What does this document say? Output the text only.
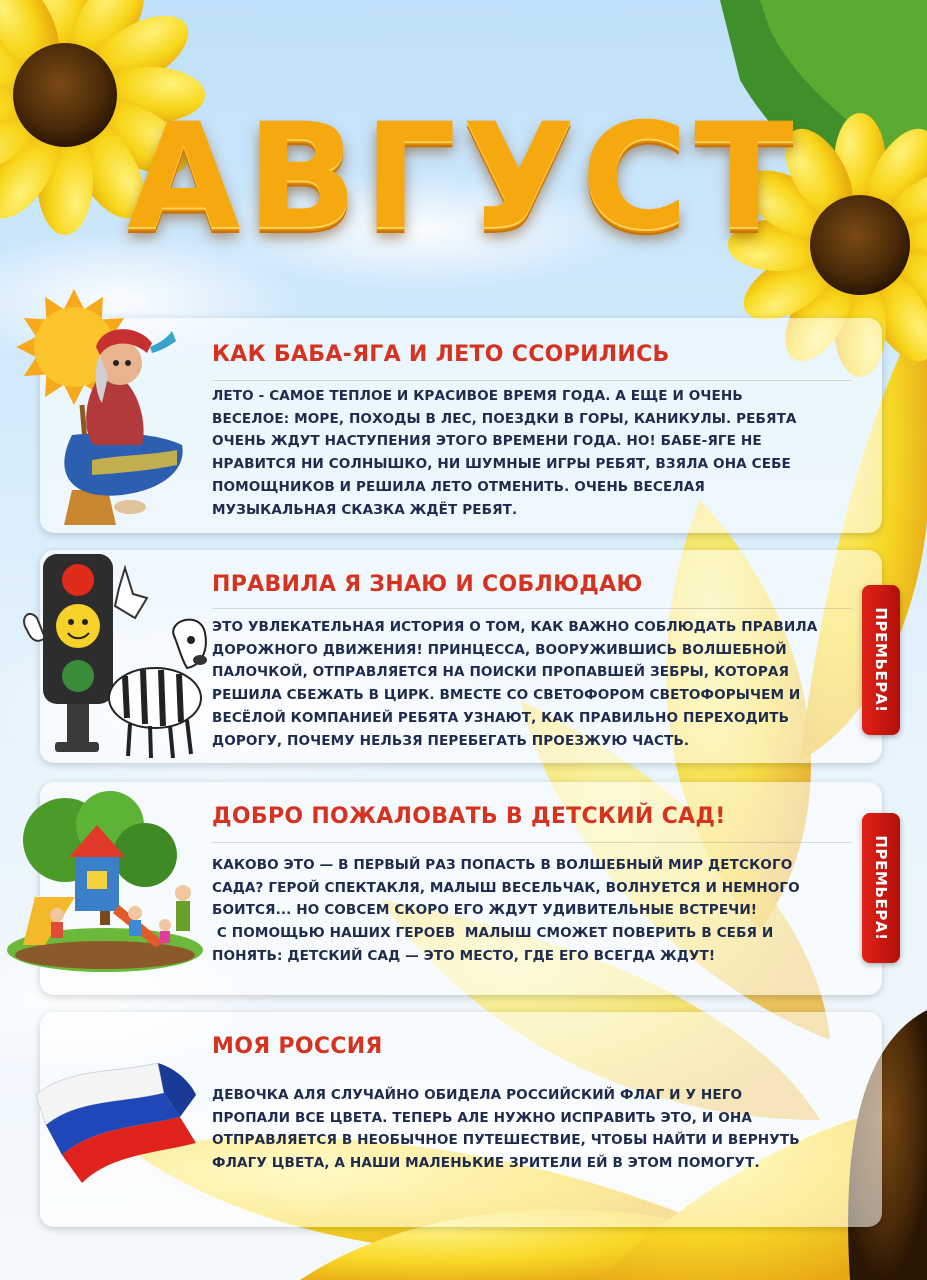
АВГУСТ
КАК БАБА-ЯГА И ЛЕТО ССОРИЛИСЬ
ЛЕТО - САМОЕ ТЕПЛОЕ И КРАСИВОЕ ВРЕМЯ ГОДА. А ЕЩЕ И ОЧЕНЬ
ВЕСЕЛОЕ: МОРЕ, ПОХОДЫ В ЛЕС, ПОЕЗДКИ В ГОРЫ, КАНИКУЛЫ. РЕБЯТА
ОЧЕНЬ ЖДУТ НАСТУПЕНИЯ ЭТОГО ВРЕМЕНИ ГОДА. НО! БАБЕ-ЯГЕ НЕ
НРАВИТСЯ НИ СОЛНЫШКО, НИ ШУМНЫЕ ИГРЫ РЕБЯТ, ВЗЯЛА ОНА СЕБЕ
ПОМОЩНИКОВ И РЕШИЛА ЛЕТО ОТМЕНИТЬ. ОЧЕНЬ ВЕСЕЛАЯ
МУЗЫКАЛЬНАЯ СКАЗКА ЖДЁТ РЕБЯТ.
ПРАВИЛА Я ЗНАЮ И СОБЛЮДАЮ
ЭТО УВЛЕКАТЕЛЬНАЯ ИСТОРИЯ О ТОМ, КАК ВАЖНО СОБЛЮДАТЬ ПРАВИЛА
ДОРОЖНОГО ДВИЖЕНИЯ! ПРИНЦЕССА, ВООРУЖИВШИСЬ ВОЛШЕБНОЙ
ПАЛОЧКОЙ, ОТПРАВЛЯЕТСЯ НА ПОИСКИ ПРОПАВШЕЙ ЗЕБРЫ, КОТОРАЯ
РЕШИЛА СБЕЖАТЬ В ЦИРК. ВМЕСТЕ СО СВЕТОФОРОМ СВЕТОФОРЫЧЕМ И
ВЕСЁЛОЙ КОМПАНИЕЙ РЕБЯТА УЗНАЮТ, КАК ПРАВИЛЬНО ПЕРЕХОДИТЬ
ДОРОГУ, ПОЧЕМУ НЕЛЬЗЯ ПЕРЕБЕГАТЬ ПРОЕЗЖУЮ ЧАСТЬ.
ДОБРО ПОЖАЛОВАТЬ В ДЕТСКИЙ САД!
КАКОВО ЭТО — В ПЕРВЫЙ РАЗ ПОПАСТЬ В ВОЛШЕБНЫЙ МИР ДЕТСКОГО
САДА? ГЕРОЙ СПЕКТАКЛЯ, МАЛЫШ ВЕСЕЛЬЧАК, ВОЛНУЕТСЯ И НЕМНОГО
БОИТСЯ... НО СОВСЕМ СКОРО ЕГО ЖДУТ УДИВИТЕЛЬНЫЕ ВСТРЕЧИ!
С ПОМОЩЬЮ НАШИХ ГЕРОЕВ  МАЛЫШ СМОЖЕТ ПОВЕРИТЬ В СЕБЯ И
ПОНЯТЬ: ДЕТСКИЙ САД — ЭТО МЕСТО, ГДЕ ЕГО ВСЕГДА ЖДУТ!
МОЯ РОССИЯ
ДЕВОЧКА АЛЯ СЛУЧАЙНО ОБИДЕЛА РОССИЙСКИЙ ФЛАГ И У НЕГО
ПРОПАЛИ ВСЕ ЦВЕТА. ТЕПЕРЬ АЛЕ НУЖНО ИСПРАВИТЬ ЭТО, И ОНА
ОТПРАВЛЯЕТСЯ В НЕОБЫЧНОЕ ПУТЕШЕСТВИЕ, ЧТОБЫ НАЙТИ И ВЕРНУТЬ
ФЛАГУ ЦВЕТА, А НАШИ МАЛЕНЬКИЕ ЗРИТЕЛИ ЕЙ В ЭТОМ ПОМОГУТ.
ПРЕМЬЕРА!
ПРЕМЬЕРА!
